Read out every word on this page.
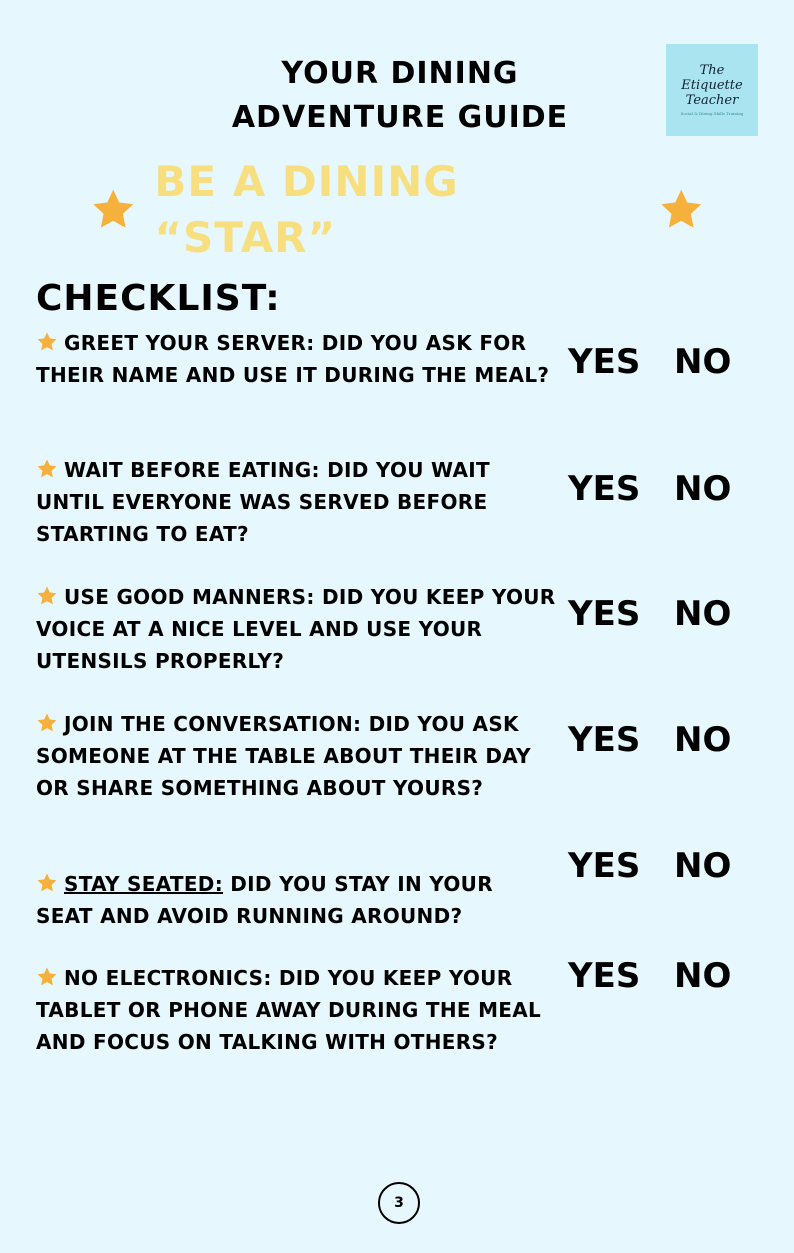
YOUR DINING
ADVENTURE GUIDE
The
Etiquette
Teacher
Social & Dining Skills Training
BE A DINING “STAR”
CHECKLIST:
GREET YOUR SERVER: DID YOU ASK FOR THEIR NAME AND USE IT DURING THE MEAL? YES NO
WAIT BEFORE EATING: DID YOU WAIT UNTIL EVERYONE WAS SERVED BEFORE STARTING TO EAT?
YES NO
USE GOOD MANNERS: DID YOU KEEP YOUR VOICE AT A NICE LEVEL AND USE YOUR UTENSILS PROPERLY?
YES NO
JOIN THE CONVERSATION: DID YOU ASK SOMEONE AT THE TABLE ABOUT THEIR DAY OR SHARE SOMETHING ABOUT YOURS?
YES NO
STAY SEATED: DID YOU STAY IN YOUR SEAT AND AVOID RUNNING AROUND?
YES NO
NO ELECTRONICS: DID YOU KEEP YOUR TABLET OR PHONE AWAY DURING THE MEAL AND FOCUS ON TALKING WITH OTHERS?
YES NO
3
